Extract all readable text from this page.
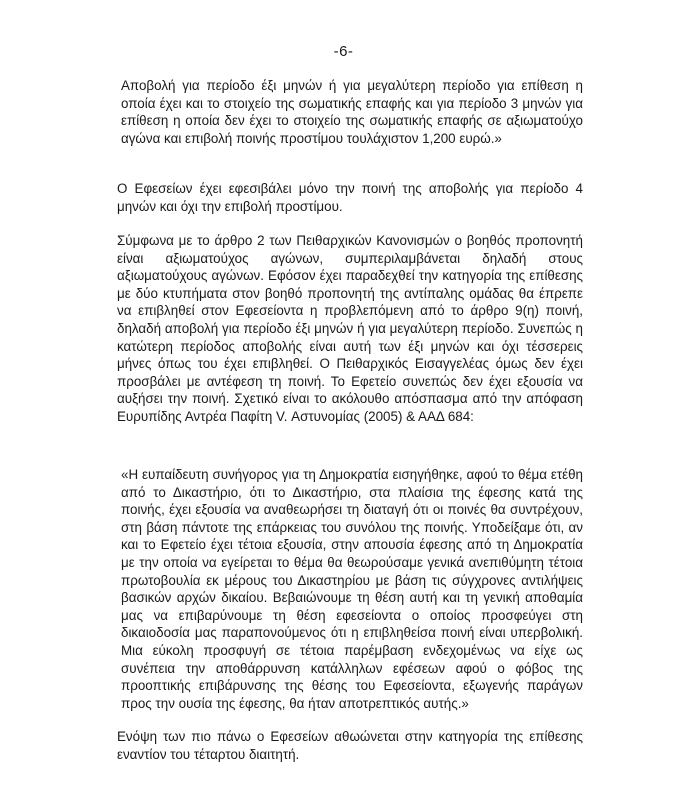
-6-

Αποβολή για περίοδο έξι μηνών ή για μεγαλύτερη περίοδο για επίθεση η οποία έχει και το στοιχείο της σωματικής επαφής και για περίοδο 3 μηνών για επίθεση η οποία δεν έχει το στοιχείο της σωματικής επαφής σε αξιωματούχο αγώνα και επιβολή ποινής προστίμου τουλάχιστον 1,200 ευρώ.»

Ο Εφεσείων έχει εφεσιβάλει μόνο την ποινή της αποβολής για περίοδο 4 μηνών και όχι την επιβολή προστίμου.

Σύμφωνα με το άρθρο 2 των Πειθαρχικών Κανονισμών ο βοηθός προπονητή είναι αξιωματούχος αγώνων, συμπεριλαμβάνεται δηλαδή στους αξιωματούχους αγώνων. Εφόσον έχει παραδεχθεί την κατηγορία της επίθεσης με δύο κτυπήματα στον βοηθό προπονητή της αντίπαλης ομάδας θα έπρεπε να επιβληθεί στον Εφεσείοντα η προβλεπόμενη από το άρθρο 9(η) ποινή, δηλαδή αποβολή για περίοδο έξι μηνών ή για μεγαλύτερη περίοδο. Συνεπώς η κατώτερη περίοδος αποβολής είναι αυτή των έξι μηνών και όχι τέσσερεις μήνες όπως του έχει επιβληθεί. Ο Πειθαρχικός Εισαγγελέας όμως δεν έχει προσβάλει με αντέφεση τη ποινή. Το Εφετείο συνεπώς δεν έχει εξουσία να αυξήσει την ποινή. Σχετικό είναι το ακόλουθο απόσπασμα από την απόφαση Ευρυπίδης Αντρέα Παφίτη V. Αστυνομίας (2005) & ΑΑΔ 684:

«Η ευπαίδευτη συνήγορος για τη Δημοκρατία εισηγήθηκε, αφού το θέμα ετέθη από το Δικαστήριο, ότι το Δικαστήριο, στα πλαίσια της έφεσης κατά της ποινής, έχει εξουσία να αναθεωρήσει τη διαταγή ότι οι ποινές θα συντρέχουν, στη βάση πάντοτε της επάρκειας του συνόλου της ποινής. Υποδείξαμε ότι, αν και το Εφετείο έχει τέτοια εξουσία, στην απουσία έφεσης από τη Δημοκρατία με την οποία να εγείρεται το θέμα θα θεωρούσαμε γενικά ανεπιθύμητη τέτοια πρωτοβουλία εκ μέρους του Δικαστηρίου με βάση τις σύγχρονες αντιλήψεις βασικών αρχών δικαίου. Βεβαιώνουμε τη θέση αυτή και τη γενική αποθαμία μας να επιβαρύνουμε τη θέση εφεσείοντα ο οποίος προσφεύγει στη δικαιοδοσία μας παραπονούμενος ότι η επιβληθείσα ποινή είναι υπερβολική. Μια εύκολη προσφυγή σε τέτοια παρέμβαση ενδεχομένως να είχε ως συνέπεια την αποθάρρυνση κατάλληλων εφέσεων αφού ο φόβος της προοπτικής επιβάρυνσης της θέσης του Εφεσείοντα, εξωγενής παράγων προς την ουσία της έφεσης, θα ήταν αποτρεπτικός αυτής.»

Ενόψη των πιο πάνω ο Εφεσείων αθωώνεται στην κατηγορία της επίθεσης εναντίον του τέταρτου διαιτητή.
